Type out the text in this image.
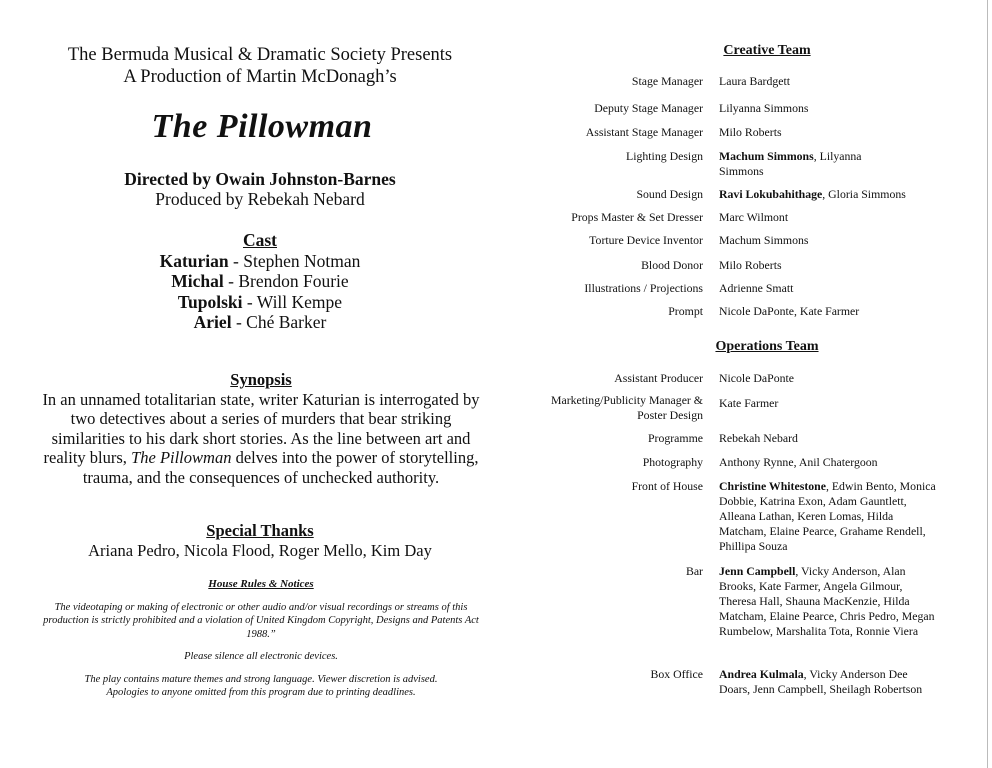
The Bermuda Musical & Dramatic Society Presents
A Production of Martin McDonagh’s
The Pillowman
Directed by Owain Johnston-Barnes
Produced by Rebekah Nebard
Cast
Katurian - Stephen Notman
Michal - Brendon Fourie
Tupolski - Will Kempe
Ariel - Ché Barker
Synopsis
In an unnamed totalitarian state, writer Katurian is interrogated by two detectives about a series of murders that bear striking similarities to his dark short stories. As the line between art and reality blurs, The Pillowman delves into the power of storytelling, trauma, and the consequences of unchecked authority.
Special Thanks
Ariana Pedro, Nicola Flood, Roger Mello, Kim Day
House Rules & Notices

The videotaping or making of electronic or other audio and/or visual recordings or streams of this production is strictly prohibited and a violation of United Kingdom Copyright, Designs and Patents Act 1988.”

Please silence all electronic devices.

The play contains mature themes and strong language. Viewer discretion is advised.
Apologies to anyone omitted from this program due to printing deadlines.
Creative Team
Stage Manager Laura Bardgett
Deputy Stage Manager Lilyanna Simmons
Assistant Stage Manager Milo Roberts
Lighting Design Machum Simmons, Lilyanna Simmons
Sound Design Ravi Lokubahithage, Gloria Simmons
Props Master & Set Dresser Marc Wilmont
Torture Device Inventor Machum Simmons
Blood Donor Milo Roberts
Illustrations / Projections Adrienne Smatt
Prompt Nicole DaPonte, Kate Farmer
Operations Team
Assistant Producer Nicole DaPonte
Marketing/Publicity Manager & Poster Design
Kate Farmer
Programme Rebekah Nebard
Photography Anthony Rynne, Anil Chatergoon
Front of House Christine Whitestone, Edwin Bento, Monica Dobbie, Katrina Exon, Adam Gauntlett, Alleana Lathan, Keren Lomas, Hilda Matcham, Elaine Pearce, Grahame Rendell, Phillipa Souza
Bar Jenn Campbell, Vicky Anderson, Alan Brooks, Kate Farmer, Angela Gilmour, Theresa Hall, Shauna MacKenzie, Hilda Matcham, Elaine Pearce, Chris Pedro, Megan Rumbelow, Marshalita Tota, Ronnie Viera
Box Office Andrea Kulmala, Vicky Anderson Dee Doars, Jenn Campbell, Sheilagh Robertson
